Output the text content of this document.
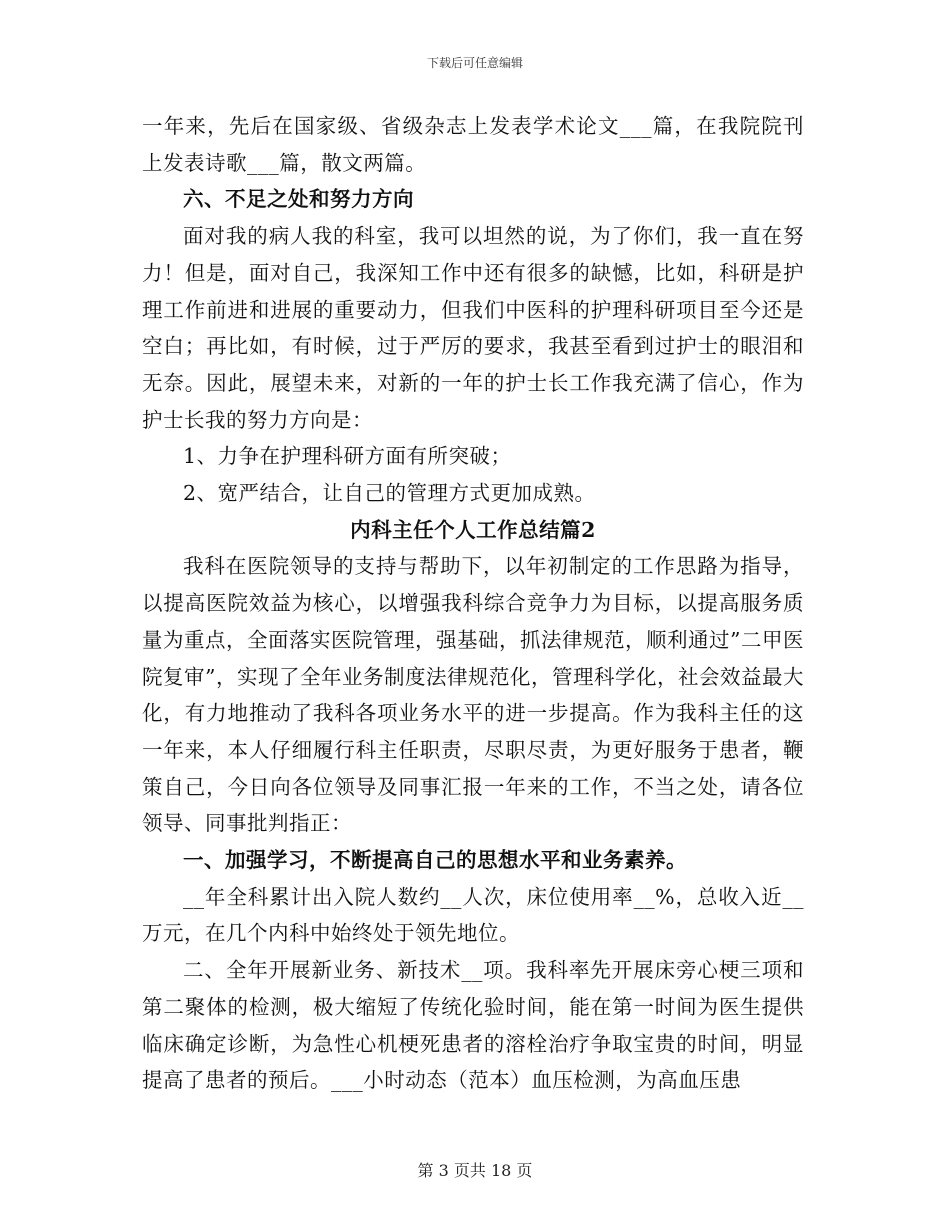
下载后可任意编辑

一年来，先后在国家级、省级杂志上发表学术论文___篇，在我院院刊上发表诗歌___篇，散文两篇。

六、不足之处和努力方向

面对我的病人我的科室，我可以坦然的说，为了你们，我一直在努力！但是，面对自己，我深知工作中还有很多的缺憾，比如，科研是护理工作前进和进展的重要动力，但我们中医科的护理科研项目至今还是空白；再比如，有时候，过于严厉的要求，我甚至看到过护士的眼泪和无奈。因此，展望未来，对新的一年的护士长工作我充满了信心，作为护士长我的努力方向是：

1、力争在护理科研方面有所突破；

2、宽严结合，让自己的管理方式更加成熟。

内科主任个人工作总结篇2

我科在医院领导的支持与帮助下，以年初制定的工作思路为指导，以提高医院效益为核心，以增强我科综合竞争力为目标，以提高服务质量为重点，全面落实医院管理，强基础，抓法律规范，顺利通过”二甲医院复审”，实现了全年业务制度法律规范化，管理科学化，社会效益最大化，有力地推动了我科各项业务水平的进一步提高。作为我科主任的这一年来，本人仔细履行科主任职责，尽职尽责，为更好服务于患者，鞭策自己，今日向各位领导及同事汇报一年来的工作，不当之处，请各位领导、同事批判指正：

一、加强学习，不断提高自己的思想水平和业务素养。

__年全科累计出入院人数约__人次，床位使用率__%，总收入近__万元，在几个内科中始终处于领先地位。

二、全年开展新业务、新技术__项。我科率先开展床旁心梗三项和第二聚体的检测，极大缩短了传统化验时间，能在第一时间为医生提供临床确定诊断，为急性心机梗死患者的溶栓治疗争取宝贵的时间，明显提高了患者的预后。___小时动态（范本）血压检测，为高血压患

第 3 页共 18 页
